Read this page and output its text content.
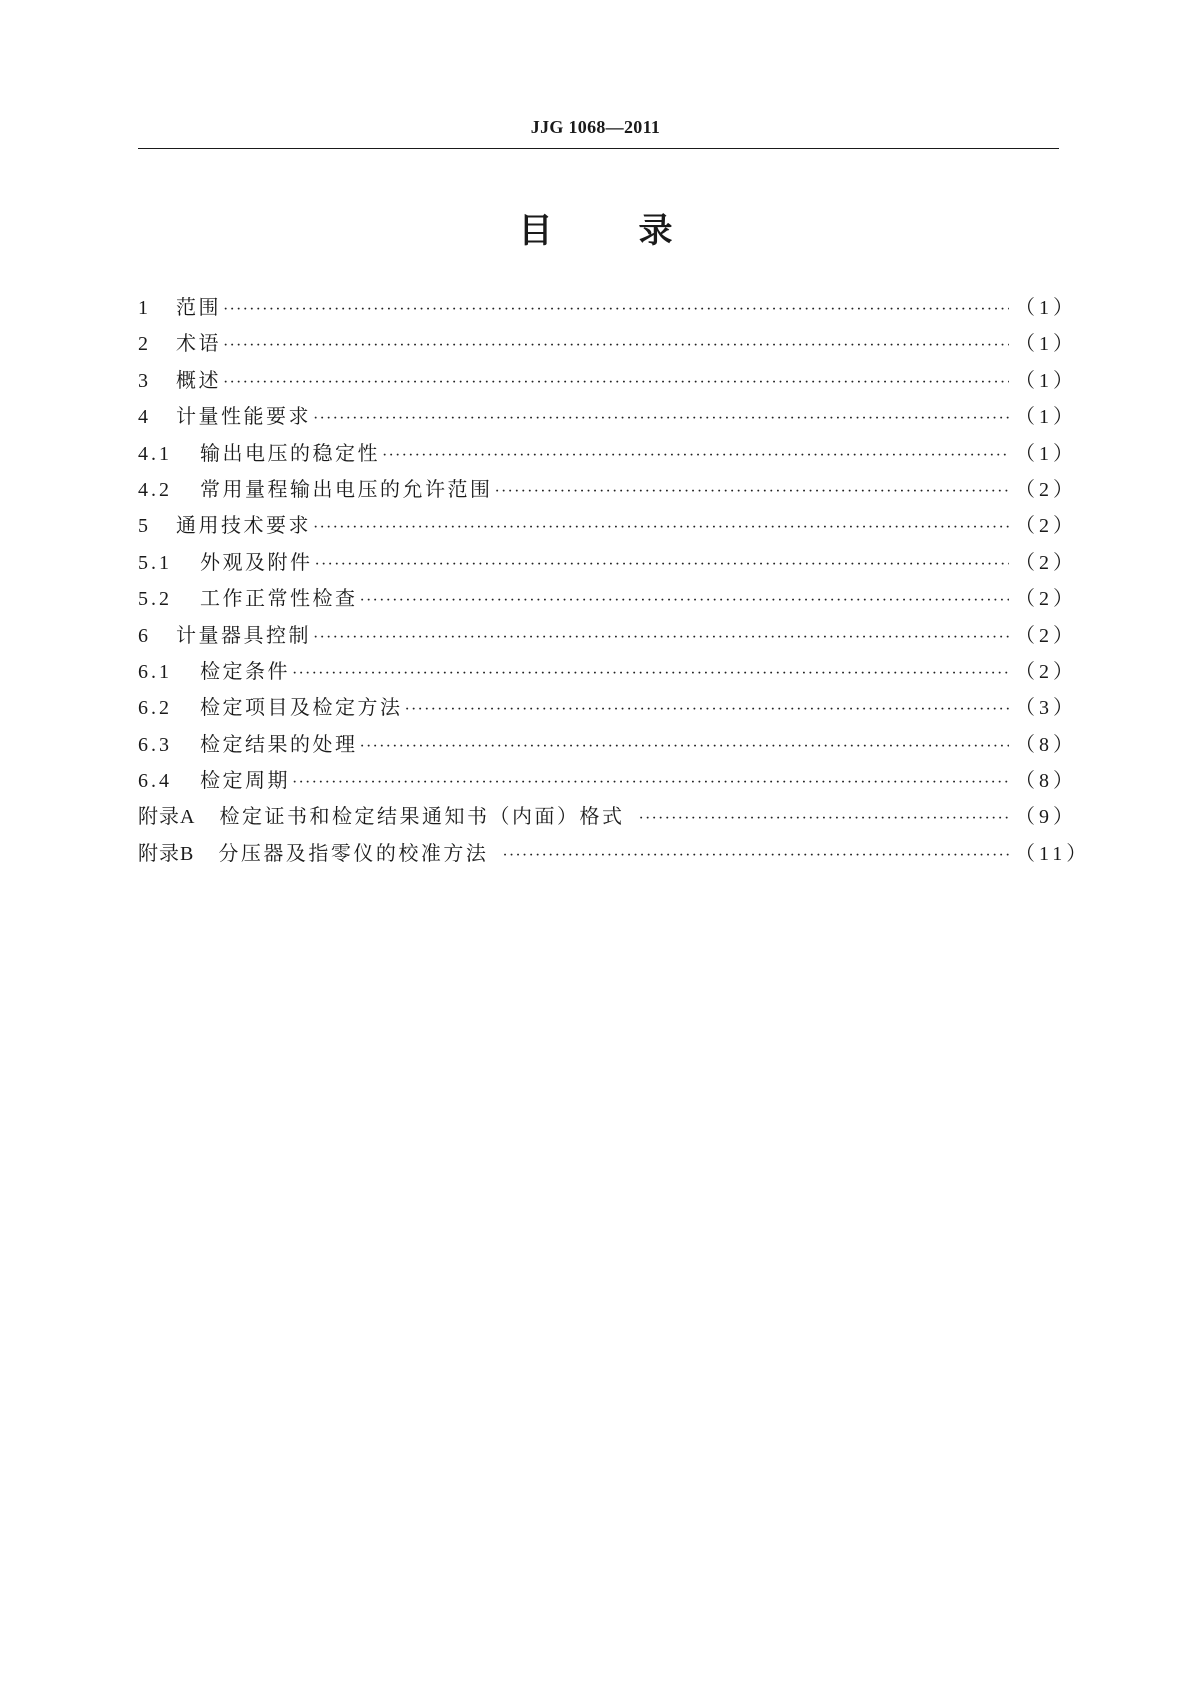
JJG 1068—2011
目录
1	范围 ·····	（1）
2	术语 ·····	（1）
3	概述 ·····	（1）
4	计量性能要求 ·····	（1）
4.1	输出电压的稳定性 ·····	（1）
4.2	常用量程输出电压的允许范围 ·····	（2）
5	通用技术要求 ·····	（2）
5.1	外观及附件 ·····	（2）
5.2	工作正常性检查 ·····	（2）
6	计量器具控制 ·····	（2）
6.1	检定条件 ·····	（2）
6.2	检定项目及检定方法 ·····	（3）
6.3	检定结果的处理 ·····	（8）
6.4	检定周期 ·····	（8）
附录A 检定证书和检定结果通知书（内面）格式 ·····	（9）
附录B 分压器及指零仪的校准方法 ·····	（11）
